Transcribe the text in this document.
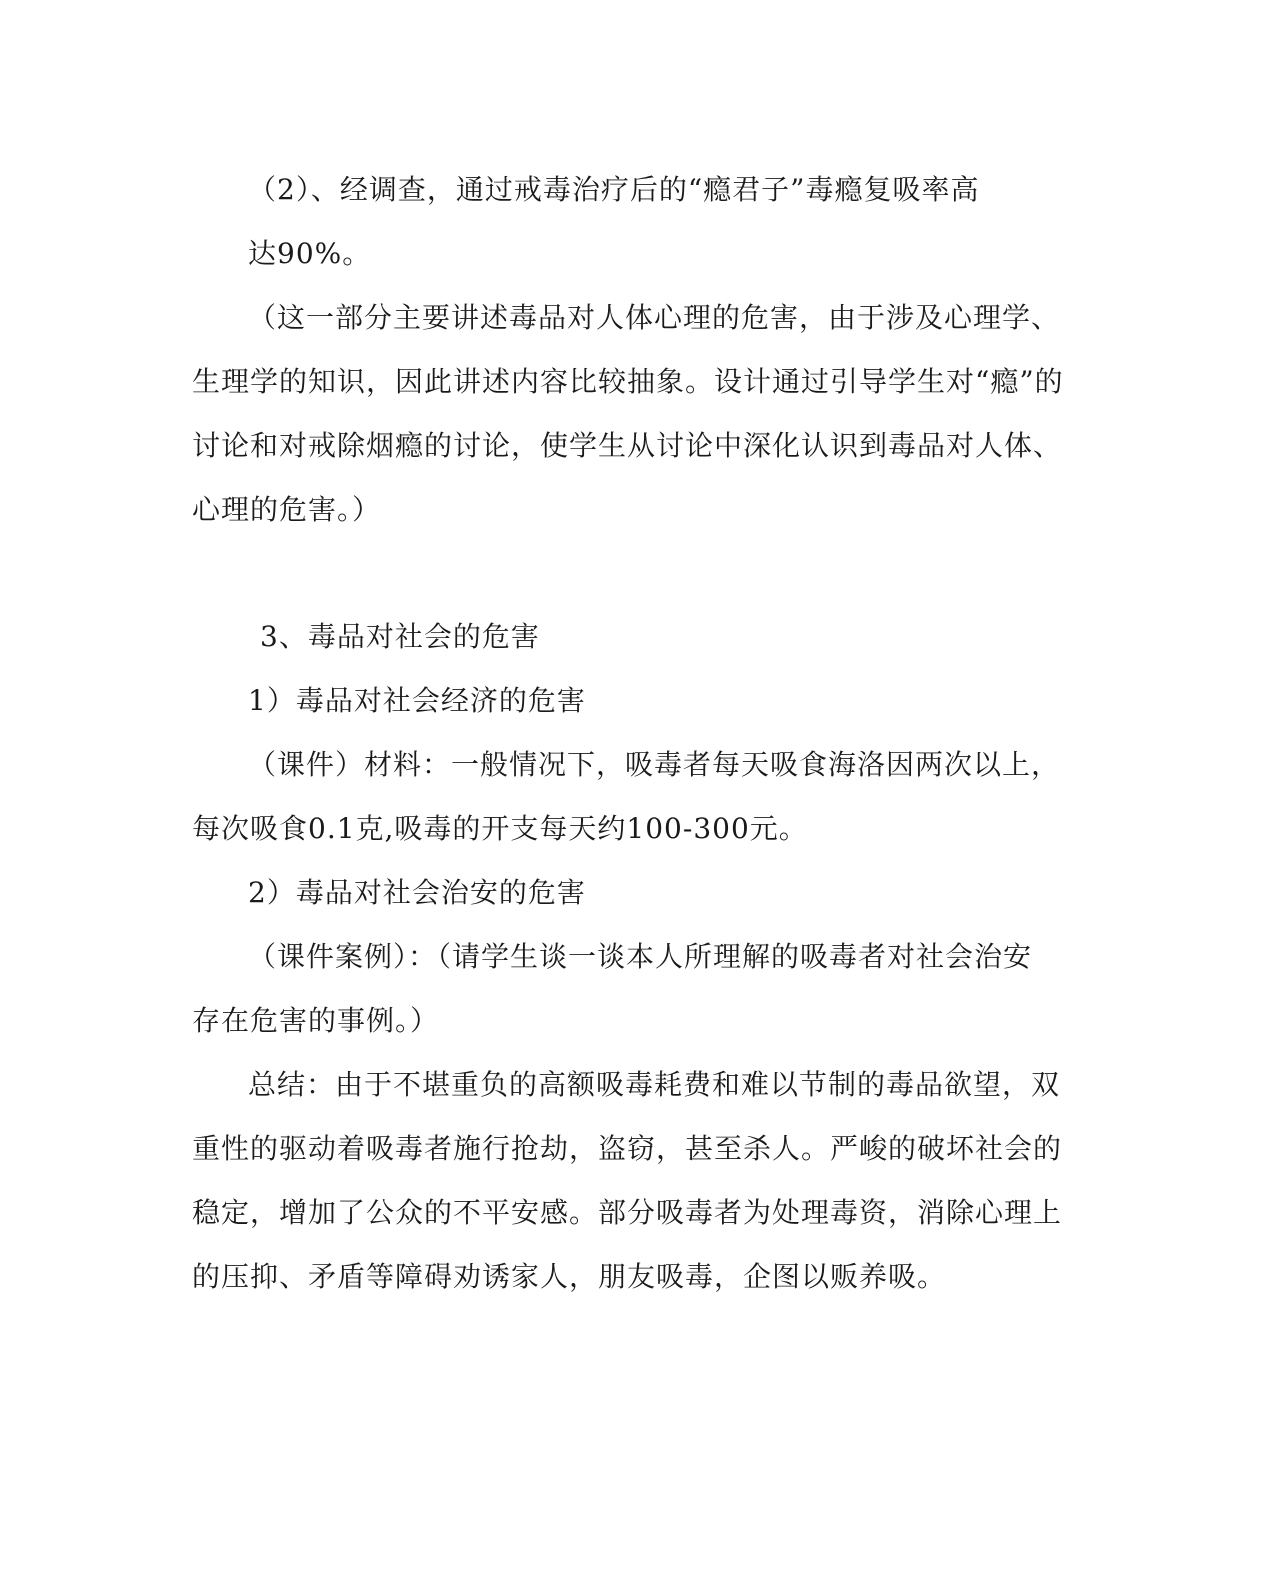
（2）、经调查，通过戒毒治疗后的“瘾君子”毒瘾复吸率高
达90%。
（这一部分主要讲述毒品对人体心理的危害，由于涉及心理学、
生理学的知识，因此讲述内容比较抽象。设计通过引导学生对“瘾”的
讨论和对戒除烟瘾的讨论，使学生从讨论中深化认识到毒品对人体、
心理的危害。）
3、毒品对社会的危害
1）毒品对社会经济的危害
（课件）材料：一般情况下，吸毒者每天吸食海洛因两次以上，
每次吸食0.1克,吸毒的开支每天约100-300元。
2）毒品对社会治安的危害
（课件案例）：（请学生谈一谈本人所理解的吸毒者对社会治安
存在危害的事例。）
总结：由于不堪重负的高额吸毒耗费和难以节制的毒品欲望，双
重性的驱动着吸毒者施行抢劫，盗窃，甚至杀人。严峻的破坏社会的
稳定，增加了公众的不平安感。部分吸毒者为处理毒资，消除心理上
的压抑、矛盾等障碍劝诱家人，朋友吸毒，企图以贩养吸。
